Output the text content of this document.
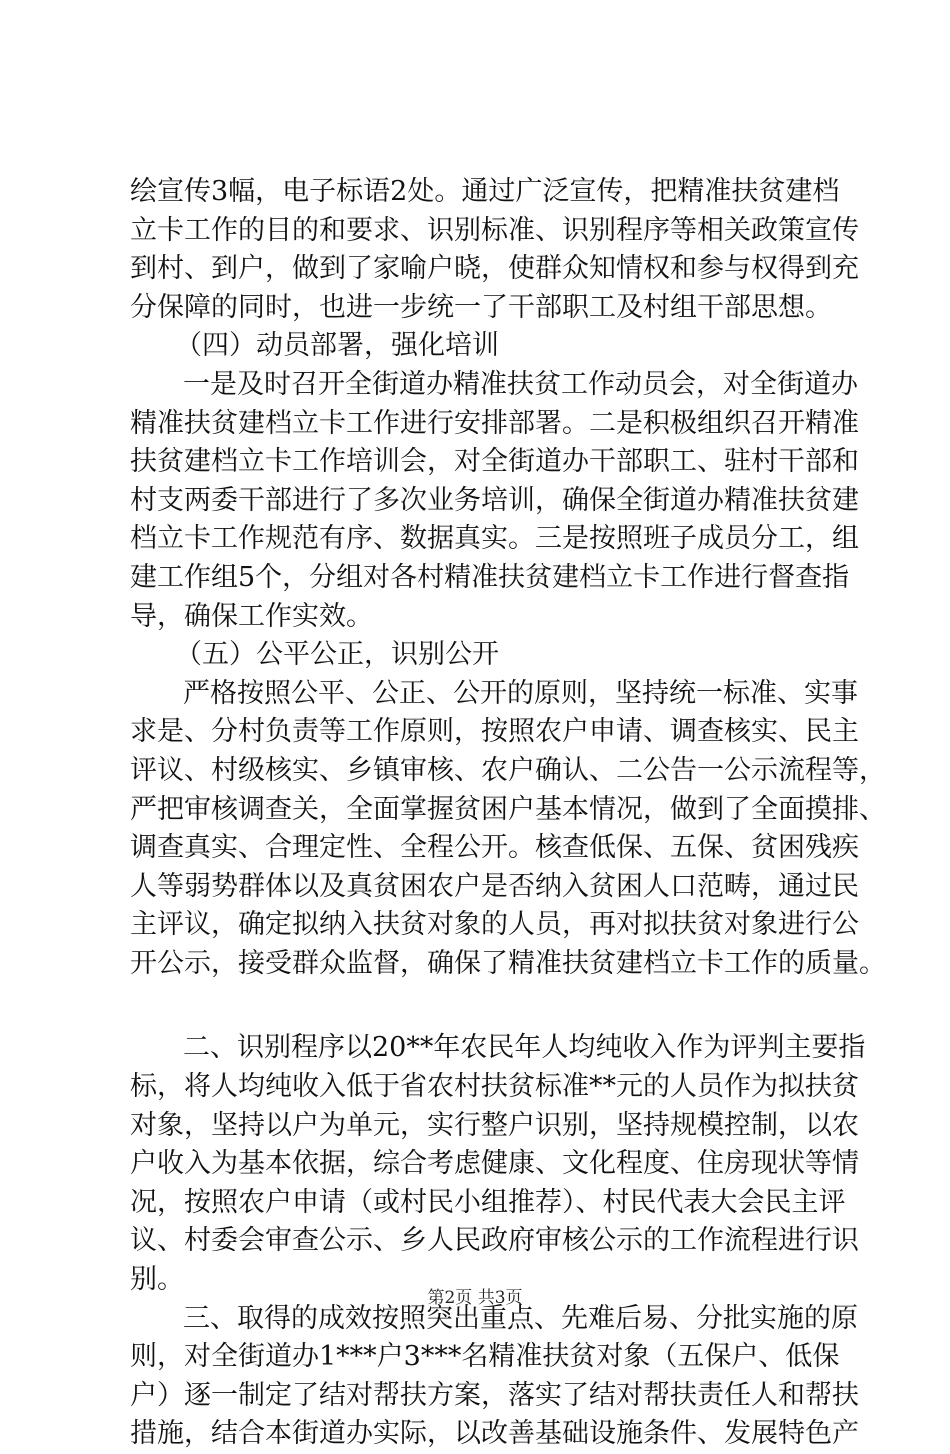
绘宣传3幅，电子标语2处。通过广泛宣传，把精准扶贫建档
立卡工作的目的和要求、识别标准、识别程序等相关政策宣传
到村、到户，做到了家喻户晓，使群众知情权和参与权得到充
分保障的同时，也进一步统一了干部职工及村组干部思想。
（四）动员部署，强化培训
一是及时召开全街道办精准扶贫工作动员会，对全街道办
精准扶贫建档立卡工作进行安排部署。二是积极组织召开精准
扶贫建档立卡工作培训会，对全街道办干部职工、驻村干部和
村支两委干部进行了多次业务培训，确保全街道办精准扶贫建
档立卡工作规范有序、数据真实。三是按照班子成员分工，组
建工作组5个，分组对各村精准扶贫建档立卡工作进行督查指
导，确保工作实效。
（五）公平公正，识别公开
严格按照公平、公正、公开的原则，坚持统一标准、实事
求是、分村负责等工作原则，按照农户申请、调查核实、民主
评议、村级核实、乡镇审核、农户确认、二公告一公示流程等，
严把审核调查关，全面掌握贫困户基本情况，做到了全面摸排、
调查真实、合理定性、全程公开。核查低保、五保、贫困残疾
人等弱势群体以及真贫困农户是否纳入贫困人口范畴，通过民
主评议，确定拟纳入扶贫对象的人员，再对拟扶贫对象进行公
开公示，接受群众监督，确保了精准扶贫建档立卡工作的质量。
二、识别程序以20**年农民年人均纯收入作为评判主要指
标，将人均纯收入低于省农村扶贫标准**元的人员作为拟扶贫
对象，坚持以户为单元，实行整户识别，坚持规模控制，以农
户收入为基本依据，综合考虑健康、文化程度、住房现状等情
况，按照农户申请（或村民小组推荐）、村民代表大会民主评
议、村委会审查公示、乡人民政府审核公示的工作流程进行识
别。
三、取得的成效按照突出重点、先难后易、分批实施的原
则，对全街道办1***户3***名精准扶贫对象（五保户、低保
户）逐一制定了结对帮扶方案，落实了结对帮扶责任人和帮扶
措施，结合本街道办实际，以改善基础设施条件、发展特色产
第2页 共3页
